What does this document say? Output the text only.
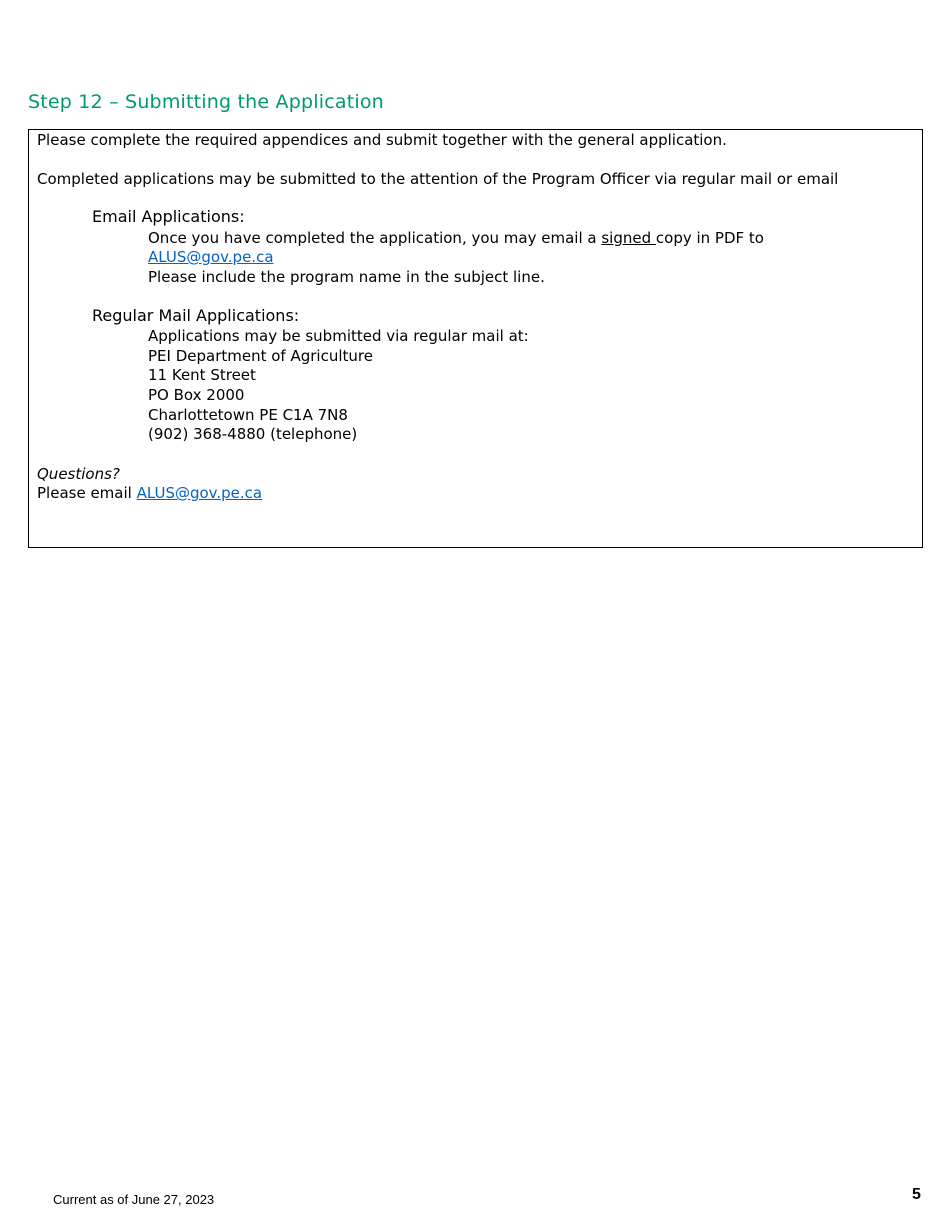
Step 12 – Submitting the Application
Please complete the required appendices and submit together with the general application.
Completed applications may be submitted to the attention of the Program Officer via regular mail or email
Email Applications:
Once you have completed the application, you may email a signed copy in PDF to
ALUS@gov.pe.ca
Please include the program name in the subject line.
Regular Mail Applications:
Applications may be submitted via regular mail at:
PEI Department of Agriculture
11 Kent Street
PO Box 2000
Charlottetown PE C1A 7N8
(902) 368-4880 (telephone)
Questions?
Please email ALUS@gov.pe.ca
Current as of June 27, 2023	5
